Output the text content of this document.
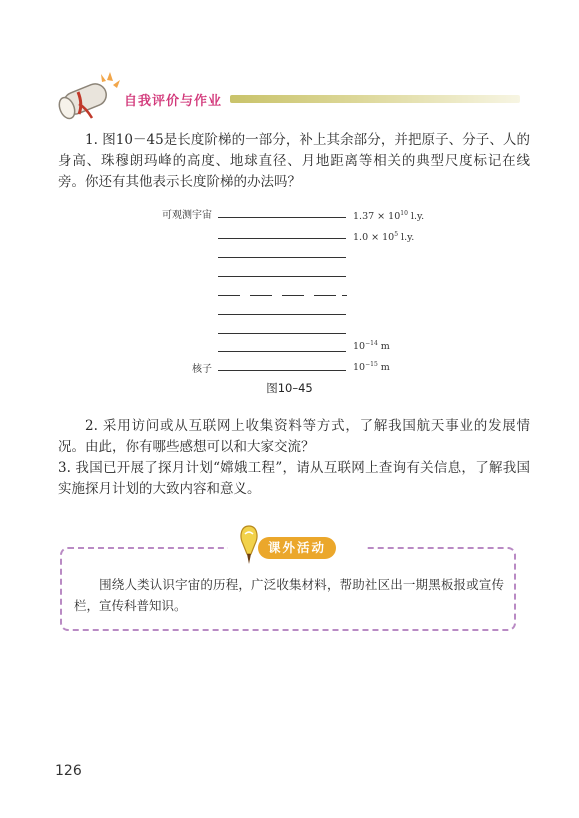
自我评价与作业
1. 图10－45是长度阶梯的一部分，补上其余部分，并把原子、分子、人的身高、珠穆朗玛峰的高度、地球直径、月地距离等相关的典型尺度标记在线旁。你还有其他表示长度阶梯的办法吗？
可观测宇宙	$1.37 \times 10^{10}$ l.y.
$1.0 \times 10^5$ l.y.
$10^{-14}$ m
核子	$10^{-15}$ m
图10–45
2. 采用访问或从互联网上收集资料等方式，了解我国航天事业的发展情况。由此，你有哪些感想可以和大家交流？
3. 我国已开展了探月计划“嫦娥工程”，请从互联网上查询有关信息，了解我国实施探月计划的大致内容和意义。
课外活动
围绕人类认识宇宙的历程，广泛收集材料，帮助社区出一期黑板报或宣传栏，宣传科普知识。
126
